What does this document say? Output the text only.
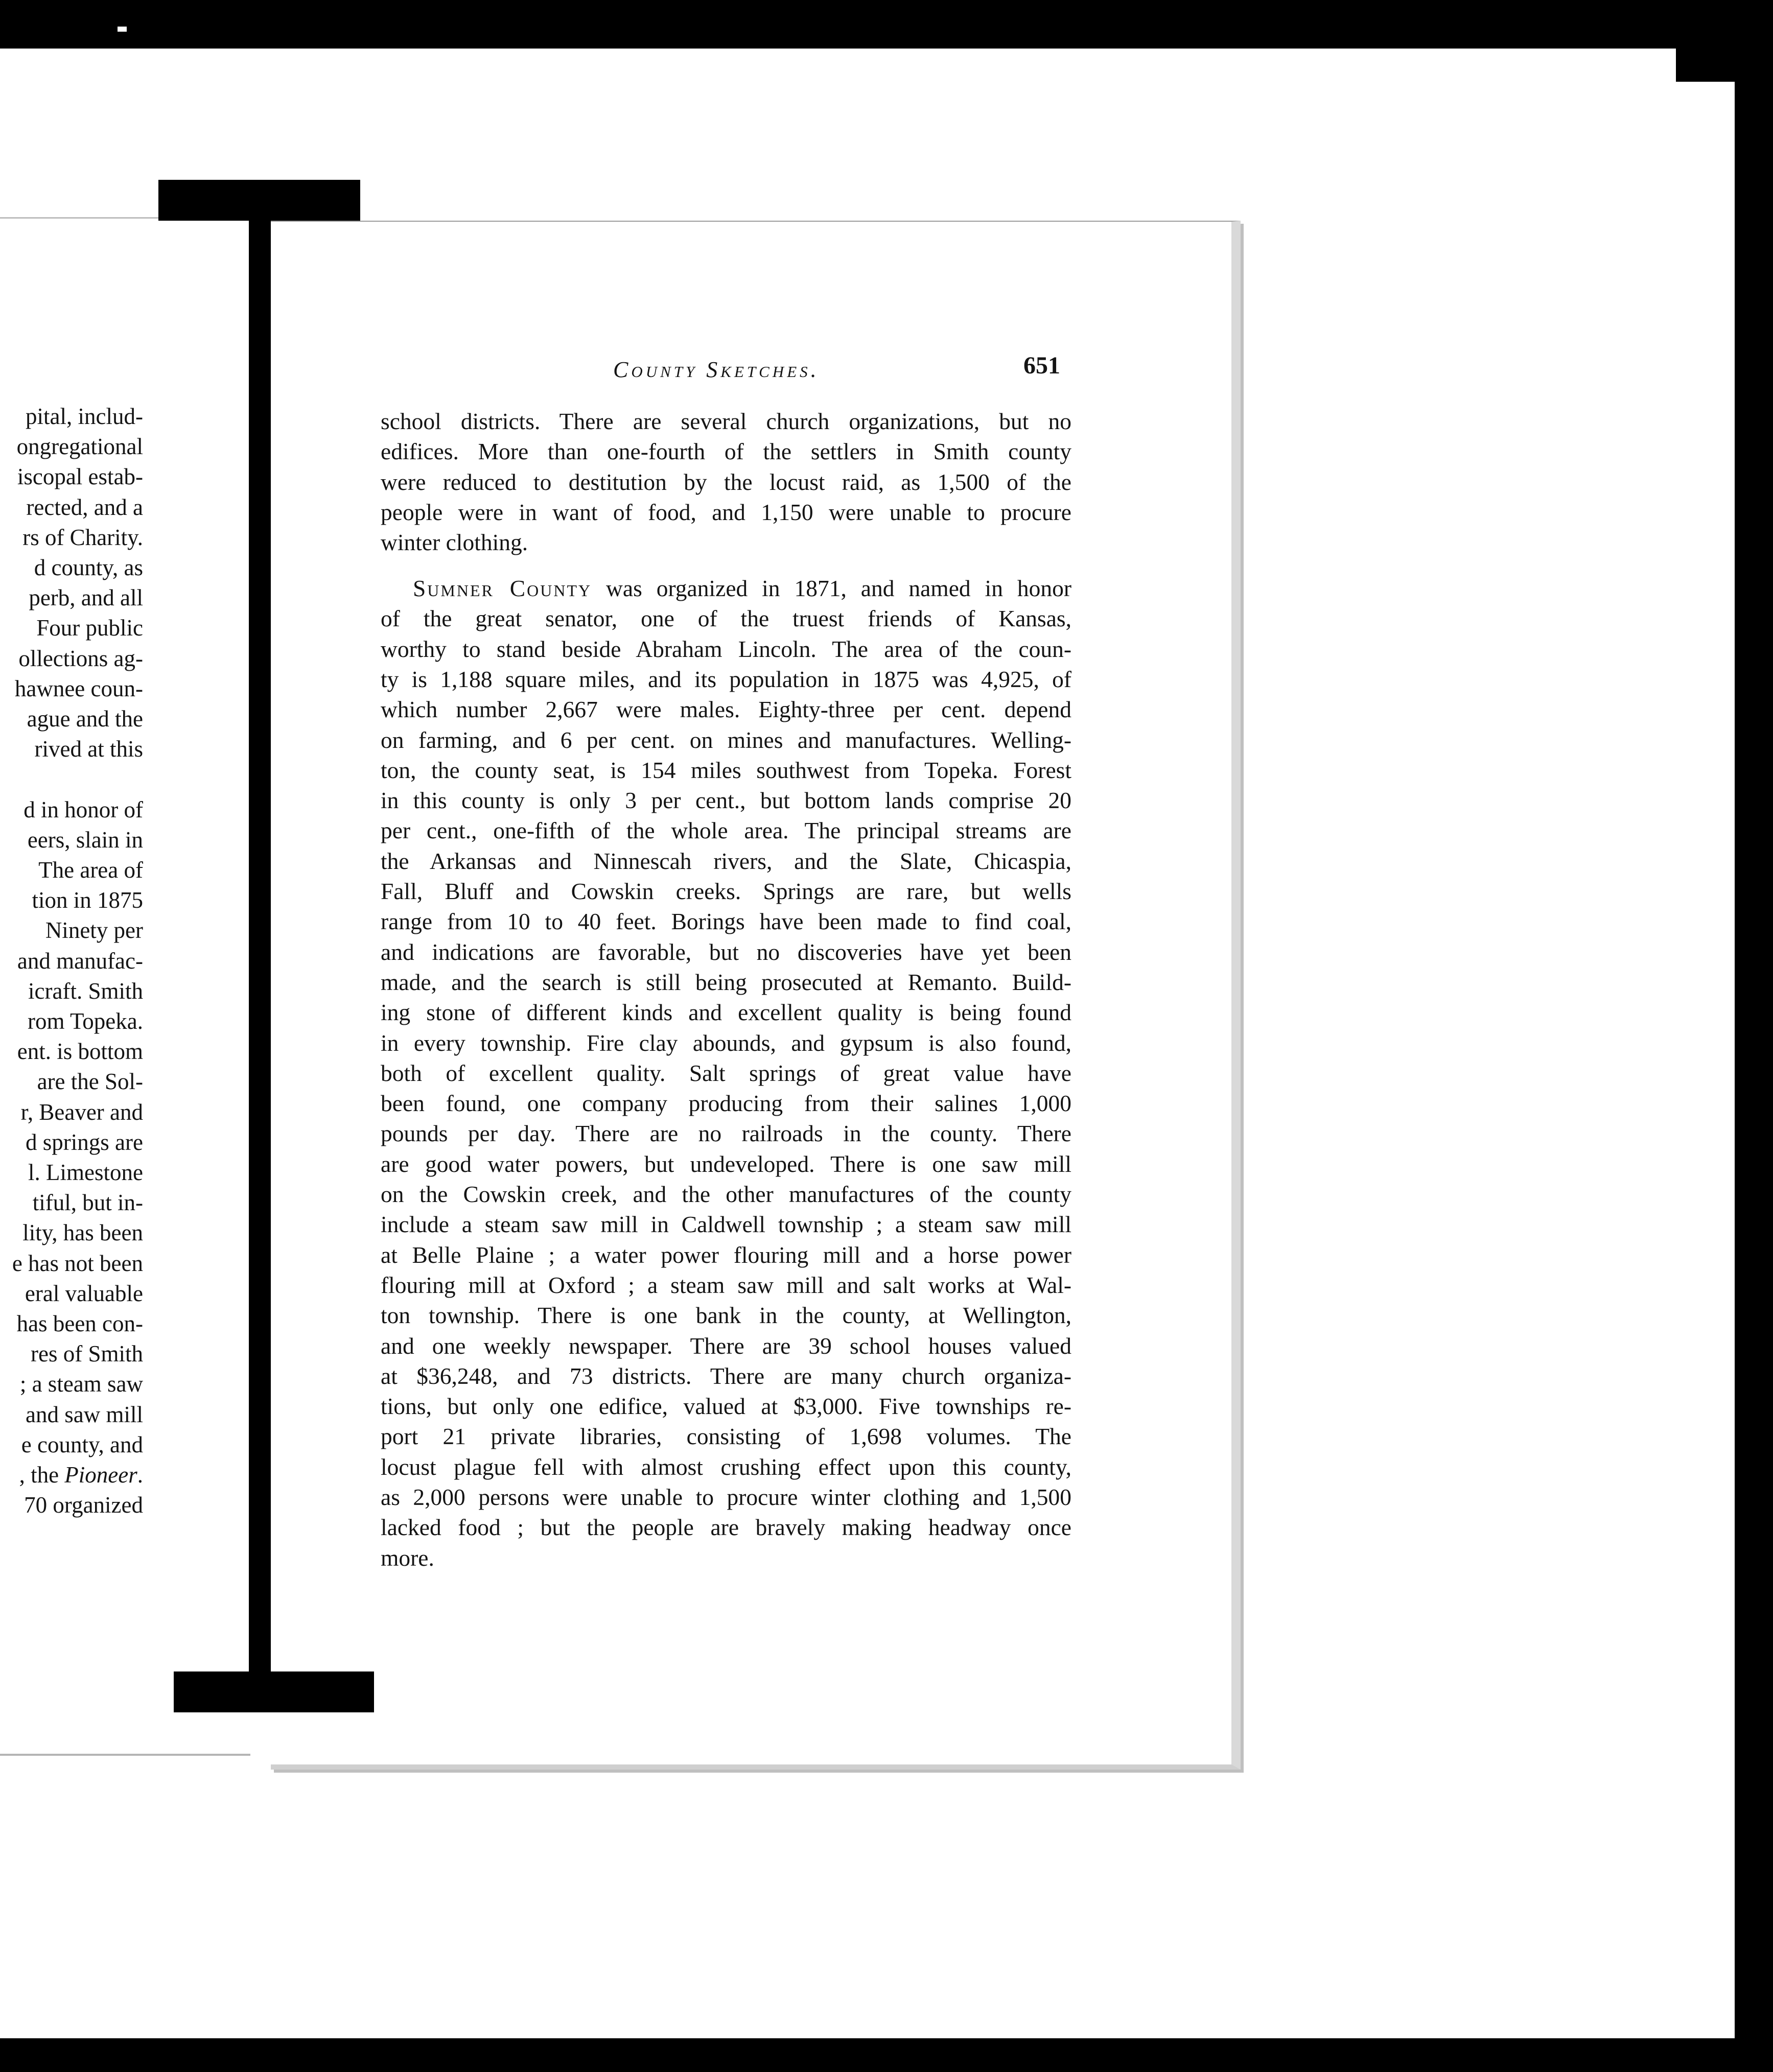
pital, includ-
ongregational
iscopal estab-
rected, and a
rs of Charity.
d county, as
perb, and all
Four public
ollections ag-
hawnee coun-
ague and the
rived at this
d in honor of
eers, slain in
The area of
tion in 1875
Ninety per
and manufac-
icraft. Smith
rom Topeka.
ent. is bottom
are the Sol-
r, Beaver and
d springs are
l. Limestone
tiful, but in-
lity, has been
e has not been
eral valuable
has been con-
res of Smith
; a steam saw
and saw mill
e county, and
, the Pioneer.
70 organized
County Sketches.	651
school districts. There are several church organizations, but no
edifices. More than one-fourth of the settlers in Smith county
were reduced to destitution by the locust raid, as 1,500 of the
people were in want of food, and 1,150 were unable to procure
winter clothing.
Sumner County was organized in 1871, and named in honor
of the great senator, one of the truest friends of Kansas,
worthy to stand beside Abraham Lincoln. The area of the coun-
ty is 1,188 square miles, and its population in 1875 was 4,925, of
which number 2,667 were males. Eighty-three per cent. depend
on farming, and 6 per cent. on mines and manufactures. Welling-
ton, the county seat, is 154 miles southwest from Topeka. Forest
in this county is only 3 per cent., but bottom lands comprise 20
per cent., one-fifth of the whole area. The principal streams are
the Arkansas and Ninnescah rivers, and the Slate, Chicaspia,
Fall, Bluff and Cowskin creeks. Springs are rare, but wells
range from 10 to 40 feet. Borings have been made to find coal,
and indications are favorable, but no discoveries have yet been
made, and the search is still being prosecuted at Remanto. Build-
ing stone of different kinds and excellent quality is being found
in every township. Fire clay abounds, and gypsum is also found,
both of excellent quality. Salt springs of great value have
been found, one company producing from their salines 1,000
pounds per day. There are no railroads in the county. There
are good water powers, but undeveloped. There is one saw mill
on the Cowskin creek, and the other manufactures of the county
include a steam saw mill in Caldwell township ; a steam saw mill
at Belle Plaine ; a water power flouring mill and a horse power
flouring mill at Oxford ; a steam saw mill and salt works at Wal-
ton township. There is one bank in the county, at Wellington,
and one weekly newspaper. There are 39 school houses valued
at $36,248, and 73 districts. There are many church organiza-
tions, but only one edifice, valued at $3,000. Five townships re-
port 21 private libraries, consisting of 1,698 volumes. The
locust plague fell with almost crushing effect upon this county,
as 2,000 persons were unable to procure winter clothing and 1,500
lacked food ; but the people are bravely making headway once
more.
